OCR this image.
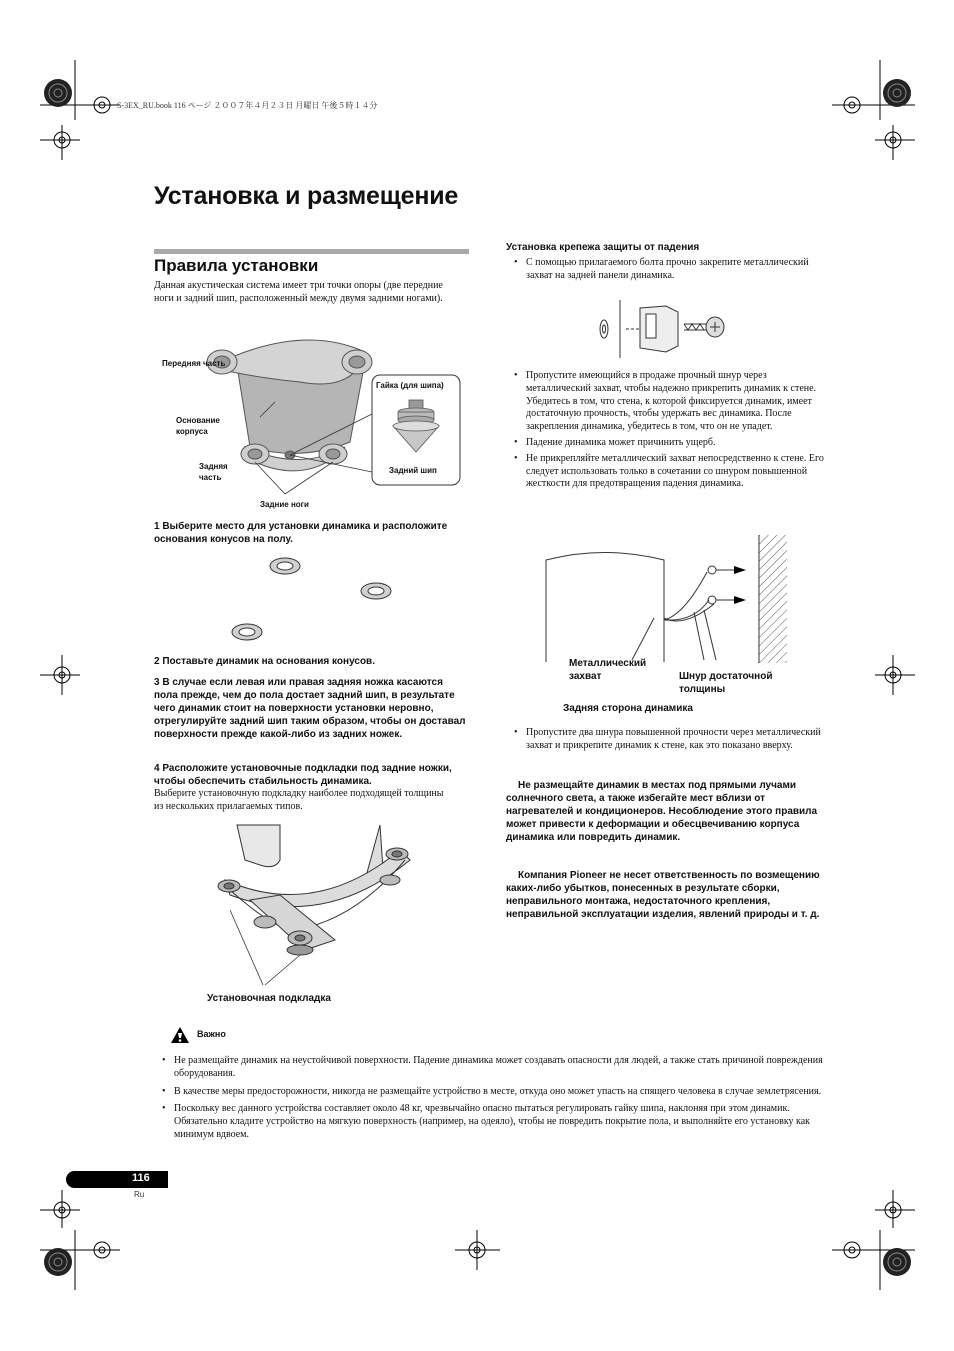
S-3EX_RU.book 116 ページ ２００７年４月２３日 月曜日 午後５時１４分
Установка и размещение
Правила установки
Данная акустическая система имеет три точки опоры (две передние ноги и задний шип, расположенный между двумя задними ногами).
Передняя часть
Основание корпуса
Задняя часть
Задние ноги
Гайка (для шипа)
Задний шип
1 Выберите место для установки динамика и расположите основания конусов на полу.
2 Поставьте динамик на основания конусов.
3 В случае если левая или правая задняя ножка касаются пола прежде, чем до пола достает задний шип, в результате чего динамик стоит на поверхности установки неровно, отрегулируйте задний шип таким образом, чтобы он доставал поверхности прежде какой-либо из задних ножек.
4 Расположите установочные подкладки под задние ножки, чтобы обеспечить стабильность динамика.
Выберите установочную подкладку наиболее подходящей толщины из нескольких прилагаемых типов.
Установочная подкладка
Установка крепежа защиты от падения
• С помощью прилагаемого болта прочно закрепите металлический захват на задней панели динамика.
• Пропустите имеющийся в продаже прочный шнур через металлический захват, чтобы надежно прикрепить динамик к стене. Убедитесь в том, что стена, к которой фиксируется динамик, имеет достаточную прочность, чтобы удержать вес динамика. После закрепления динамика, убедитесь в том, что он не упадет.
• Падение динамика может причинить ущерб.
• Не прикрепляйте металлический захват непосредственно к стене. Его следует использовать только в сочетании со шнуром повышенной жесткости для предотвращения падения динамика.
Металлический захват	Шнур достаточной толщины
Задняя сторона динамика
• Пропустите два шнура повышенной прочности через металлический захват и прикрепите динамик к стене, как это показано вверху.
Не размещайте динамик в местах под прямыми лучами солнечного света, а также избегайте мест вблизи от нагревателей и кондиционеров. Несоблюдение этого правила может привести к деформации и обесцвечиванию корпуса динамика или повредить динамик.
Компания Pioneer не несет ответственность по возмещению каких-либо убытков, понесенных в результате сборки, неправильного монтажа, недостаточного крепления, неправильной эксплуатации изделия, явлений природы и т. д.
Важно
• Не размещайте динамик на неустойчивой поверхности. Падение динамика может создавать опасности для людей, а также стать причиной повреждения оборудования.
• В качестве меры предосторожности, никогда не размещайте устройство в месте, откуда оно может упасть на спящего человека в случае землетрясения.
• Поскольку вес данного устройства составляет около 48 кг, чрезвычайно опасно пытаться регулировать гайку шипа, наклоняя при этом динамик. Обязательно кладите устройство на мягкую поверхность (например, на одеяло), чтобы не повредить покрытие пола, и выполняйте его установку как минимум вдвоем.
116
Ru
